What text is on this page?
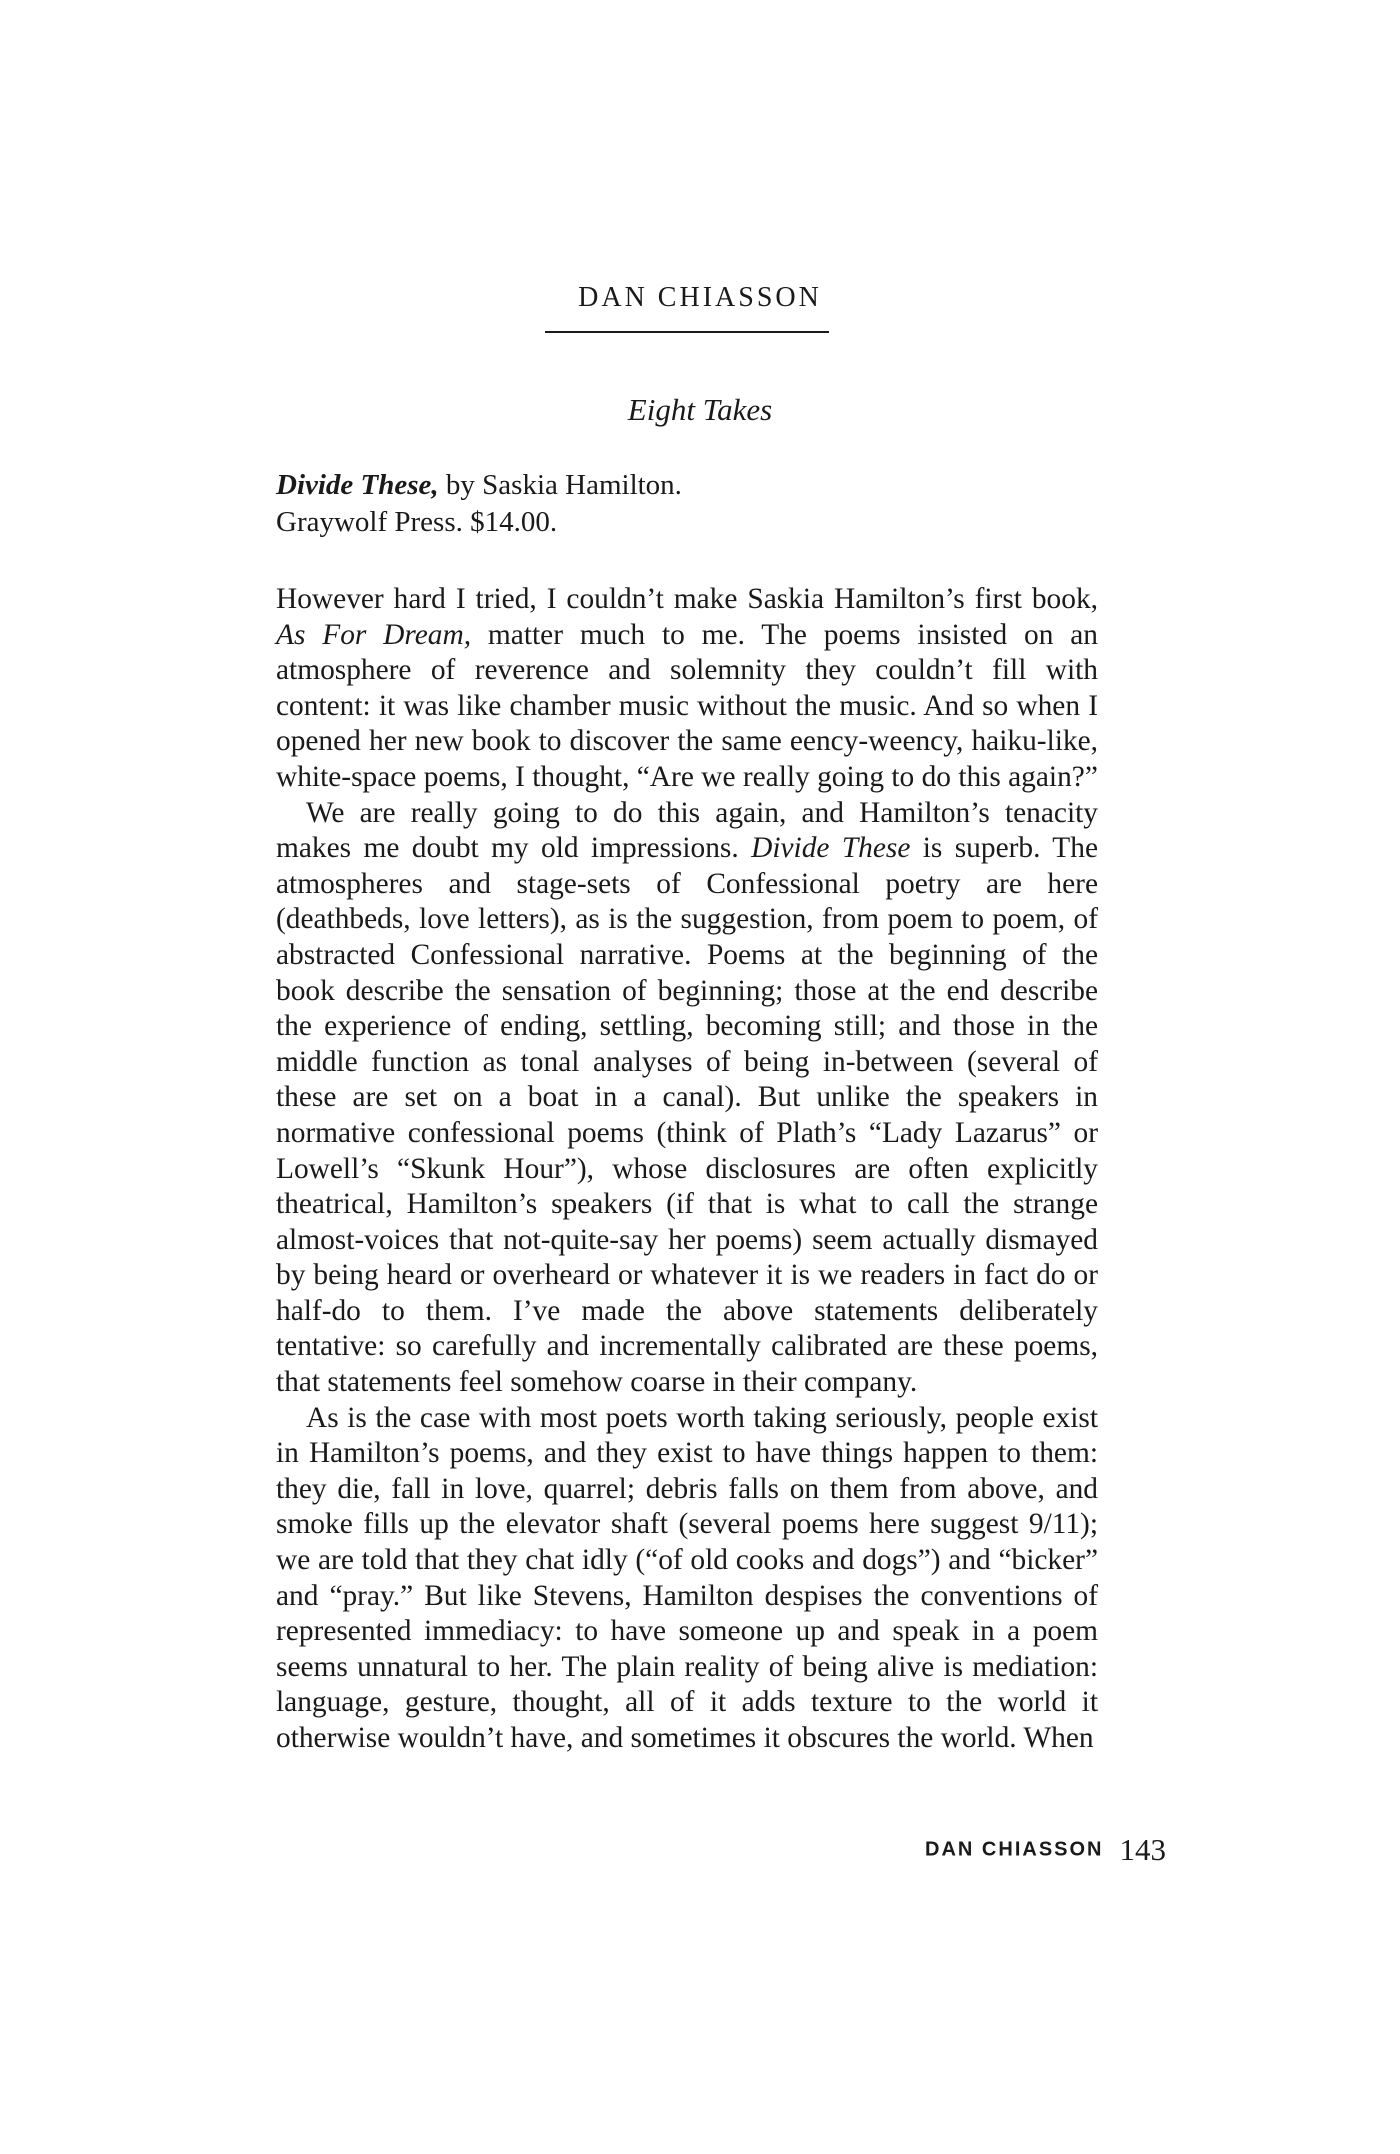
DAN CHIASSON
Eight Takes
Divide These, by Saskia Hamilton.
Graywolf Press. $14.00.

However hard I tried, I couldn’t make Saskia Hamilton’s first book, As For Dream, matter much to me. The poems insisted on an atmosphere of reverence and solemnity they couldn’t fill with content: it was like chamber music without the music. And so when I opened her new book to discover the same eency-weency, haiku-like, white-space poems, I thought, “Are we really going to do this again?”

We are really going to do this again, and Hamilton’s tenacity makes me doubt my old impressions. Divide These is superb. The atmospheres and stage-sets of Confessional poetry are here (deathbeds, love letters), as is the suggestion, from poem to poem, of abstracted Confessional narrative. Poems at the beginning of the book describe the sensation of beginning; those at the end describe the experience of ending, settling, becoming still; and those in the middle function as tonal analyses of being in-between (several of these are set on a boat in a canal). But unlike the speakers in normative confessional poems (think of Plath’s “Lady Lazarus” or Lowell’s “Skunk Hour”), whose disclosures are often explicitly theatrical, Hamilton’s speakers (if that is what to call the strange almost-voices that not-quite-say her poems) seem actually dismayed by being heard or overheard or whatever it is we readers in fact do or half-do to them. I’ve made the above statements deliberately tentative: so carefully and incrementally calibrated are these poems, that statements feel somehow coarse in their company.

As is the case with most poets worth taking seriously, people exist in Hamilton’s poems, and they exist to have things happen to them: they die, fall in love, quarrel; debris falls on them from above, and smoke fills up the elevator shaft (several poems here suggest 9/11); we are told that they chat idly (“of old cooks and dogs”) and “bicker” and “pray.” But like Stevens, Hamilton despises the conventions of represented immediacy: to have someone up and speak in a poem seems unnatural to her. The plain reality of being alive is mediation: language, gesture, thought, all of it adds texture to the world it otherwise wouldn’t have, and sometimes it obscures the world. When

DAN CHIASSON 143
